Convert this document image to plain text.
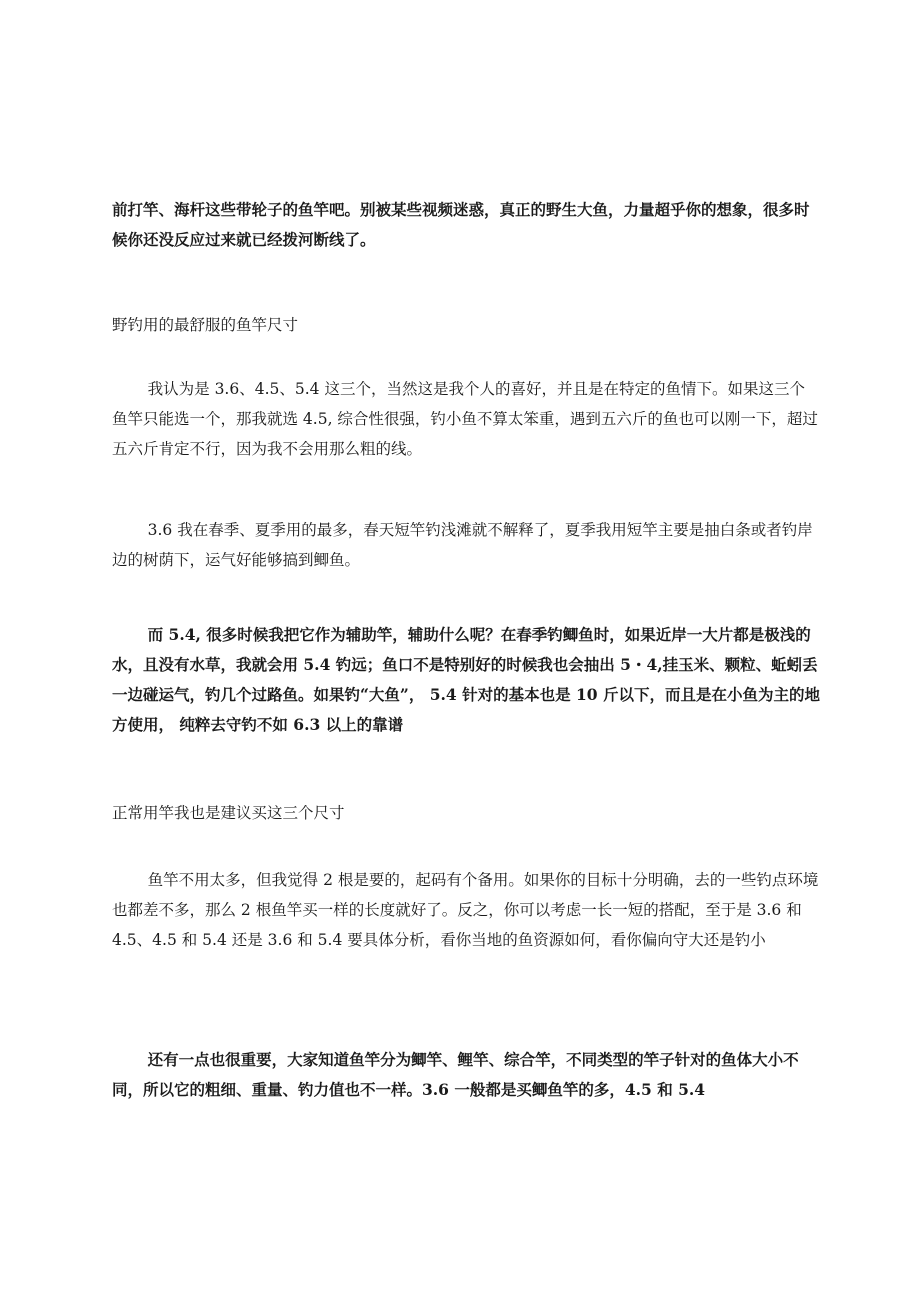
前打竿、海杆这些带轮子的鱼竿吧。别被某些视频迷惑，真正的野生大鱼，力量超乎你的想象，很多时候你还没反应过来就已经拨河断线了。

野钓用的最舒服的鱼竿尺寸

我认为是 3.6、4.5、5.4 这三个，当然这是我个人的喜好，并且是在特定的鱼情下。如果这三个鱼竿只能选一个，那我就选 4.5, 综合性很强，钓小鱼不算太笨重，遇到五六斤的鱼也可以刚一下，超过五六斤肯定不行，因为我不会用那么粗的线。

3.6 我在春季、夏季用的最多，春天短竿钓浅滩就不解释了，夏季我用短竿主要是抽白条或者钓岸边的树荫下，运气好能够搞到鲫鱼。

而 5.4, 很多时候我把它作为辅助竿，辅助什么呢？在春季钓鲫鱼时，如果近岸一大片都是极浅的水，且没有水草，我就会用 5.4 钓远；鱼口不是特别好的时候我也会抽出 5・4,挂玉米、颗粒、蚯蚓丢一边碰运气，钓几个过路鱼。如果钓“大鱼”， 5.4 针对的基本也是 10 斤以下，而且是在小鱼为主的地方使用， 纯粹去守钓不如 6.3 以上的靠谱

正常用竿我也是建议买这三个尺寸

鱼竿不用太多，但我觉得 2 根是要的，起码有个备用。如果你的目标十分明确，去的一些钓点环境也都差不多，那么 2 根鱼竿买一样的长度就好了。反之，你可以考虑一长一短的搭配，至于是 3.6 和 4.5、4.5 和 5.4 还是 3.6 和 5.4 要具体分析，看你当地的鱼资源如何，看你偏向守大还是钓小

还有一点也很重要，大家知道鱼竿分为鲫竿、鲤竿、综合竿，不同类型的竿子针对的鱼体大小不同，所以它的粗细、重量、钓力值也不一样。3.6 一般都是买鲫鱼竿的多，4.5 和 5.4
